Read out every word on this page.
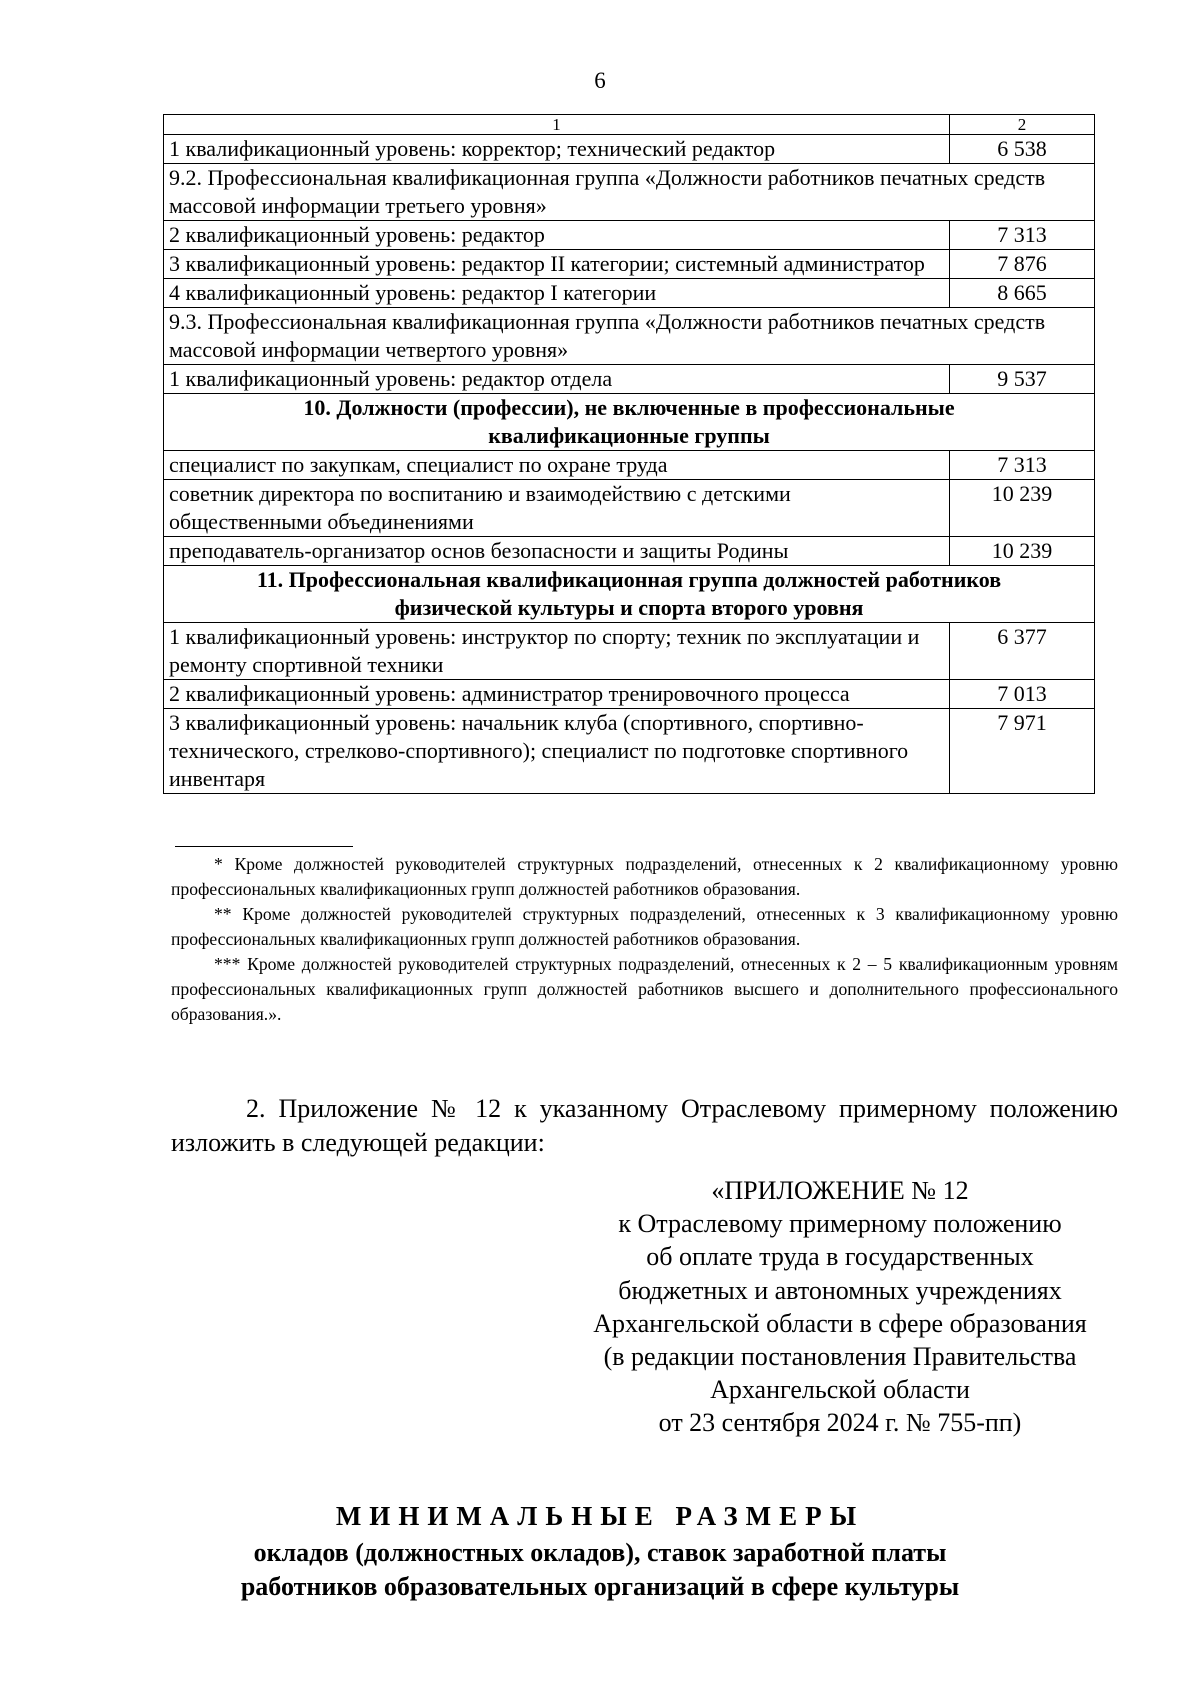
6
1	2
1 квалификационный уровень: корректор; технический редактор	6 538
9.2. Профессиональная квалификационная группа «Должности работников печатных средств массовой информации третьего уровня»	
2 квалификационный уровень: редактор	7 313
3 квалификационный уровень: редактор II категории; системный администратор	7 876
4 квалификационный уровень: редактор I категории	8 665
9.3. Профессиональная квалификационная группа «Должности работников печатных средств массовой информации четвертого уровня»	
1 квалификационный уровень: редактор отдела	9 537
10. Должности (профессии), не включенные в профессиональные квалификационные группы	
специалист по закупкам, специалист по охране труда	7 313
советник директора по воспитанию и взаимодействию с детскими общественными объединениями	10 239
преподаватель-организатор основ безопасности и защиты Родины	10 239
11. Профессиональная квалификационная группа должностей работников физической культуры и спорта второго уровня	
1 квалификационный уровень: инструктор по спорту; техник по эксплуатации и ремонту спортивной техники	6 377
2 квалификационный уровень: администратор тренировочного процесса	7 013
3 квалификационный уровень: начальник клуба (спортивного, спортивно-технического, стрелково-спортивного); специалист по подготовке спортивного инвентаря	7 971

* Кроме должностей руководителей структурных подразделений, отнесенных к 2 квалификационному уровню профессиональных квалификационных групп должностей работников образования.

** Кроме должностей руководителей структурных подразделений, отнесенных к 3 квалификационному уровню профессиональных квалификационных групп должностей работников образования.

*** Кроме должностей руководителей структурных подразделений, отнесенных к 2 – 5 квалификационным уровням профессиональных квалификационных групп должностей работников высшего и дополнительного профессионального образования.».

2. Приложение № 12 к указанному Отраслевому примерному положению изложить в следующей редакции:
«ПРИЛОЖЕНИЕ № 12
к Отраслевому примерному положению
об оплате труда в государственных
бюджетных и автономных учреждениях
Архангельской области в сфере образования
(в редакции постановления Правительства
Архангельской области
от 23 сентября 2024 г. № 755-пп)
МИНИМАЛЬНЫЕ РАЗМЕРЫ
окладов (должностных окладов), ставок заработной платы
работников образовательных организаций в сфере культуры
